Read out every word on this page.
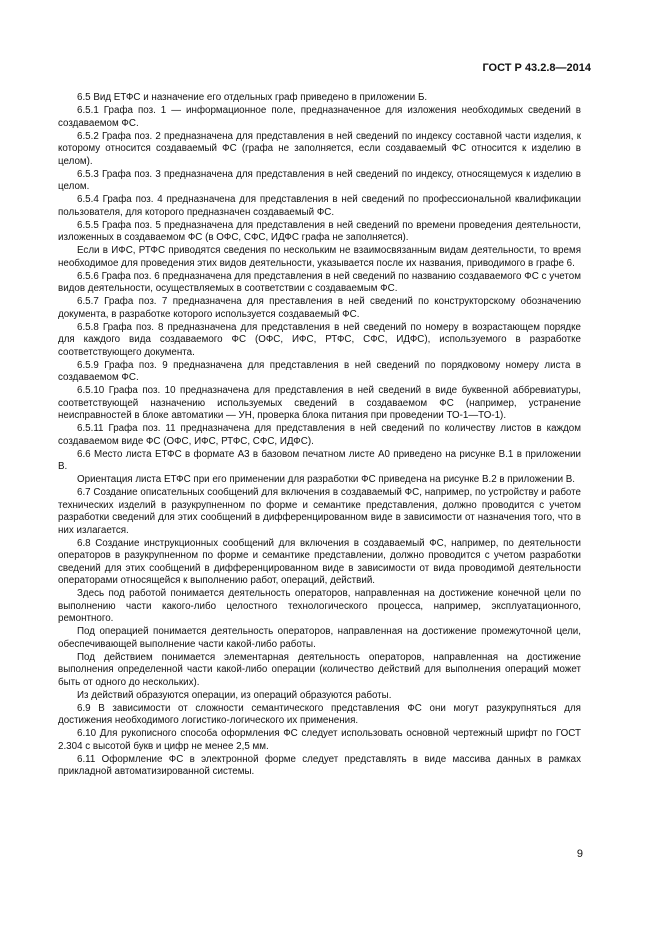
ГОСТ Р 43.2.8—2014

6.5 Вид ЕТФС и назначение его отдельных граф приведено в приложении Б.

6.5.1 Графа поз. 1 — информационное поле, предназначенное для изложения необходимых сведений в создаваемом ФС.

6.5.2 Графа поз. 2 предназначена для представления в ней сведений по индексу составной части изделия, к которому относится создаваемый ФС (графа не заполняется, если создаваемый ФС относится к изделию в целом).

6.5.3 Графа поз. 3 предназначена для представления в ней сведений по индексу, относящемуся к изделию в целом.

6.5.4 Графа поз. 4 предназначена для представления в ней сведений по профессиональной квалификации пользователя, для которого предназначен создаваемый ФС.

6.5.5 Графа поз. 5 предназначена для представления в ней сведений по времени проведения деятельности, изложенных в создаваемом ФС (в ОФС, СФС, ИДФС графа не заполняется).

Если в ИФС, РТФС приводятся сведения по нескольким не взаимосвязанным видам деятельности, то время необходимое для проведения этих видов деятельности, указывается после их названия, приводимого в графе 6.

6.5.6 Графа поз. 6 предназначена для представления в ней сведений по названию создаваемого ФС с учетом видов деятельности, осуществляемых в соответствии с создаваемым ФС.

6.5.7 Графа поз. 7 предназначена для преставления в ней сведений по конструкторскому обозначению документа, в разработке которого используется создаваемый ФС.

6.5.8 Графа поз. 8 предназначена для представления в ней сведений по номеру в возрастающем порядке для каждого вида создаваемого ФС (ОФС, ИФС, РТФС, СФС, ИДФС), используемого в разработке соответствующего документа.

6.5.9 Графа поз. 9 предназначена для представления в ней сведений по порядковому номеру листа в создаваемом ФС.

6.5.10 Графа поз. 10 предназначена для представления в ней сведений в виде буквенной аббревиатуры, соответствующей назначению используемых сведений в создаваемом ФС (например, устранение неисправностей в блоке автоматики — УН, проверка блока питания при проведении ТО-1—ТО-1).

6.5.11 Графа поз. 11 предназначена для представления в ней сведений по количеству листов в каждом создаваемом виде ФС (ОФС, ИФС, РТФС, СФС, ИДФС).

6.6 Место листа ЕТФС в формате А3 в базовом печатном листе А0 приведено на рисунке В.1 в приложении В.

Ориентация листа ЕТФС при его применении для разработки ФС приведена на рисунке В.2 в приложении В.

6.7 Создание описательных сообщений для включения в создаваемый ФС, например, по устройству и работе технических изделий в разукрупненном по форме и семантике представления, должно проводится с учетом разработки сведений для этих сообщений в дифференцированном виде в зависимости от назначения того, что в них излагается.

6.8 Создание инструкционных сообщений для включения в создаваемый ФС, например, по деятельности операторов в разукрупненном по форме и семантике представлении, должно проводится с учетом разработки сведений для этих сообщений в дифференцированном виде в зависимости от вида проводимой деятельности операторами относящейся к выполнению работ, операций, действий.

Здесь под работой понимается деятельность операторов, направленная на достижение конечной цели по выполнению части какого-либо целостного технологического процесса, например, эксплуатационного, ремонтного.

Под операцией понимается деятельность операторов, направленная на достижение промежуточной цели, обеспечивающей выполнение части какой-либо работы.

Под действием понимается элементарная деятельность операторов, направленная на достижение выполнения определенной части какой-либо операции (количество действий для выполнения операций может быть от одного до нескольких).

Из действий образуются операции, из операций образуются работы.

6.9 В зависимости от сложности семантического представления ФС они могут разукрупняться для достижения необходимого логистико-логического их применения.

6.10 Для рукописного способа оформления ФС следует использовать основной чертежный шрифт по ГОСТ 2.304 с высотой букв и цифр не менее 2,5 мм.

6.11 Оформление ФС в электронной форме следует представлять в виде массива данных в рамках прикладной автоматизированной системы.

9
